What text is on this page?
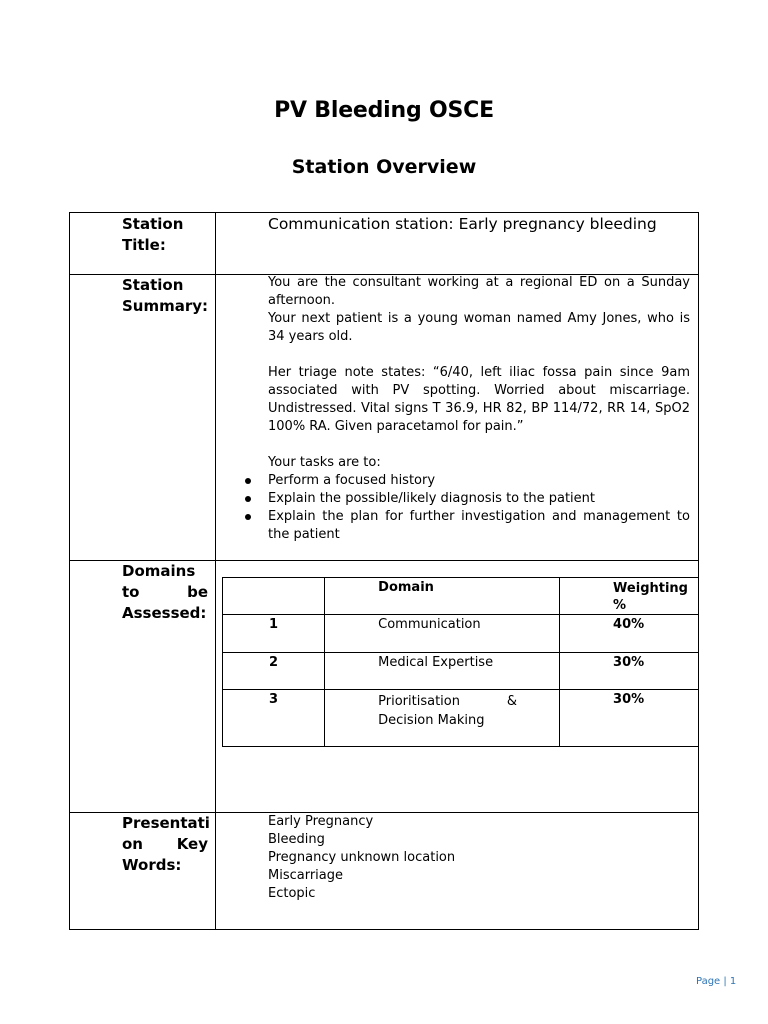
PV Bleeding OSCE
Station Overview
Station
Title:
Communication station: Early pregnancy bleeding
Station
Summary:

You are the consultant working at a regional ED on a Sunday afternoon.

Your next patient is a young woman named Amy Jones, who is 34 years old.

Her triage note states: “6/40, left iliac fossa pain since 9am associated with PV spotting. Worried about miscarriage. Undistressed. Vital signs T 36.9, HR 82, BP 114/72, RR 14, SpO2 100% RA. Given paracetamol for pain.”

Your tasks are to:

Perform a focused history
Explain the possible/likely diagnosis to the patient
Explain the plan for further investigation and management to the patient
Domains
to	be
Assessed:
	Domain	Weighting %
1	Communication	40%
2	Medical Expertise	30%
3	Prioritisation & Decision Making	30%
Presentati
on Key
Words:
Early Pregnancy
Bleeding
Pregnancy unknown location
Miscarriage
Ectopic
Page | 1
